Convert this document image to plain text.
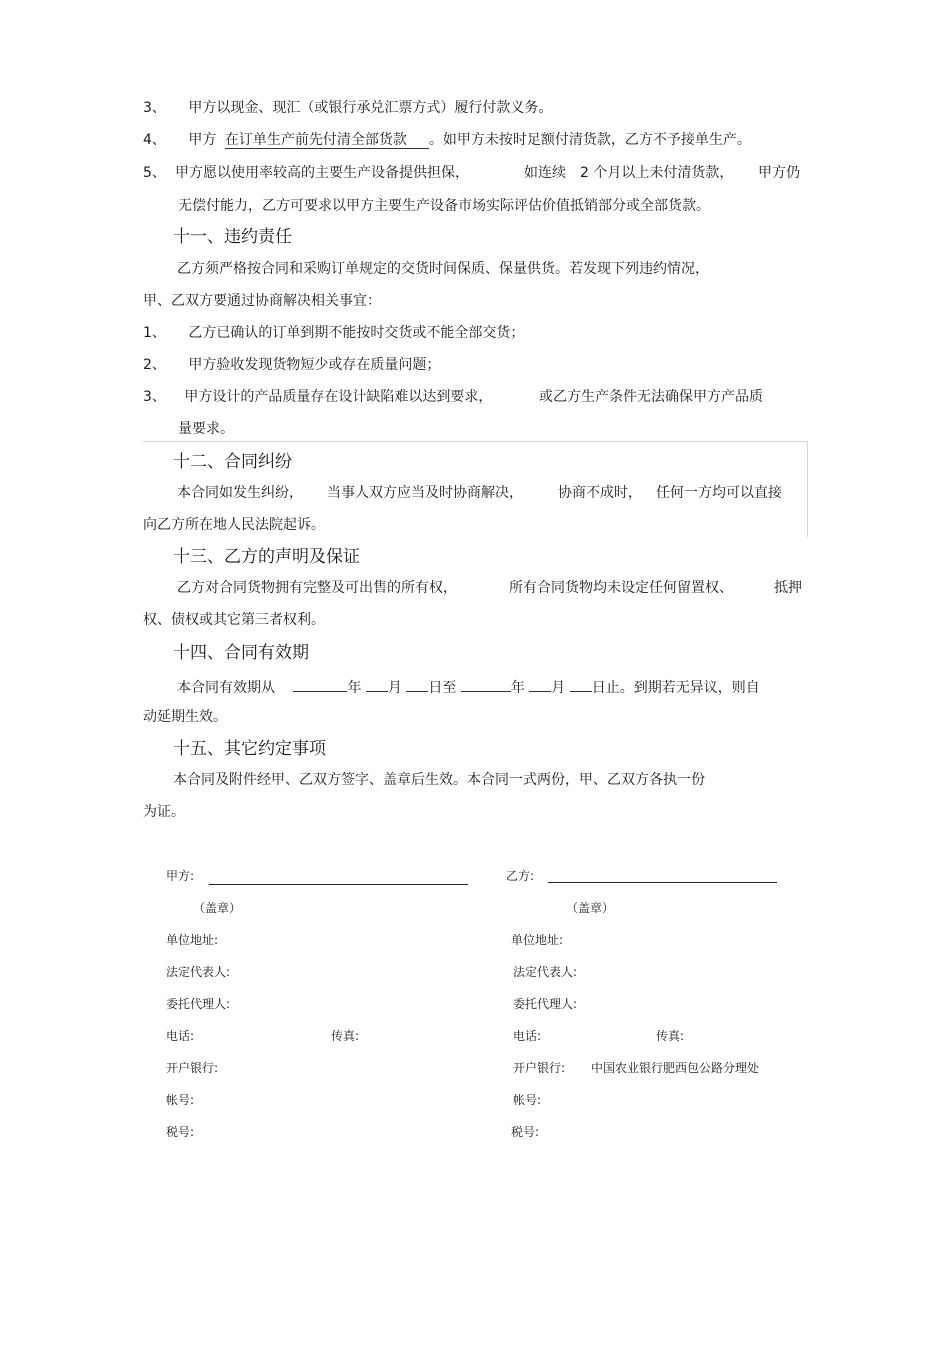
3、 甲方以现金、现汇（或银行承兑汇票方式）履行付款义务。
4、 甲方 在订单生产前先付清全部货款 。如甲方未按时足额付清货款，乙方不予接单生产。
5、 甲方愿以使用率较高的主要生产设备提供担保，	如连续 2 个月以上未付清货款， 甲方仍
无偿付能力，乙方可要求以甲方主要生产设备市场实际评估价值抵销部分或全部货款。
十一、违约责任
乙方须严格按合同和采购订单规定的交货时间保质、保量供货。若发现下列违约情况，
甲、乙双方要通过协商解决相关事宜：
1、 乙方已确认的订单到期不能按时交货或不能全部交货；
2、 甲方验收发现货物短少或存在质量问题；
3、 甲方设计的产品质量存在设计缺陷难以达到要求，	或乙方生产条件无法确保甲方产品质
量要求。
十二、合同纠纷
本合同如发生纠纷， 当事人双方应当及时协商解决，	协商不成时， 任何一方均可以直接
向乙方所在地人民法院起诉。
十三、乙方的声明及保证
乙方对合同货物拥有完整及可出售的所有权，	所有合同货物均未设定任何留置权、	抵押
权、债权或其它第三者权利。
十四、合同有效期
本合同有效期从	年 月 日至	年 月 日止。到期若无异议，则自
动延期生效。
十五、其它约定事项
本合同及附件经甲、乙双方签字、盖章后生效。本合同一式两份，甲、乙双方各执一份
为证。
甲方:
（盖章）
单位地址:
法定代表人:
委托代理人:
电话:	传真:
开户银行:
帐号:
税号:
乙方:
（盖章）
单位地址:
法定代表人:
委托代理人:
电话:	传真:
开户银行: 中国农业银行肥西包公路分理处
帐号:
税号:
